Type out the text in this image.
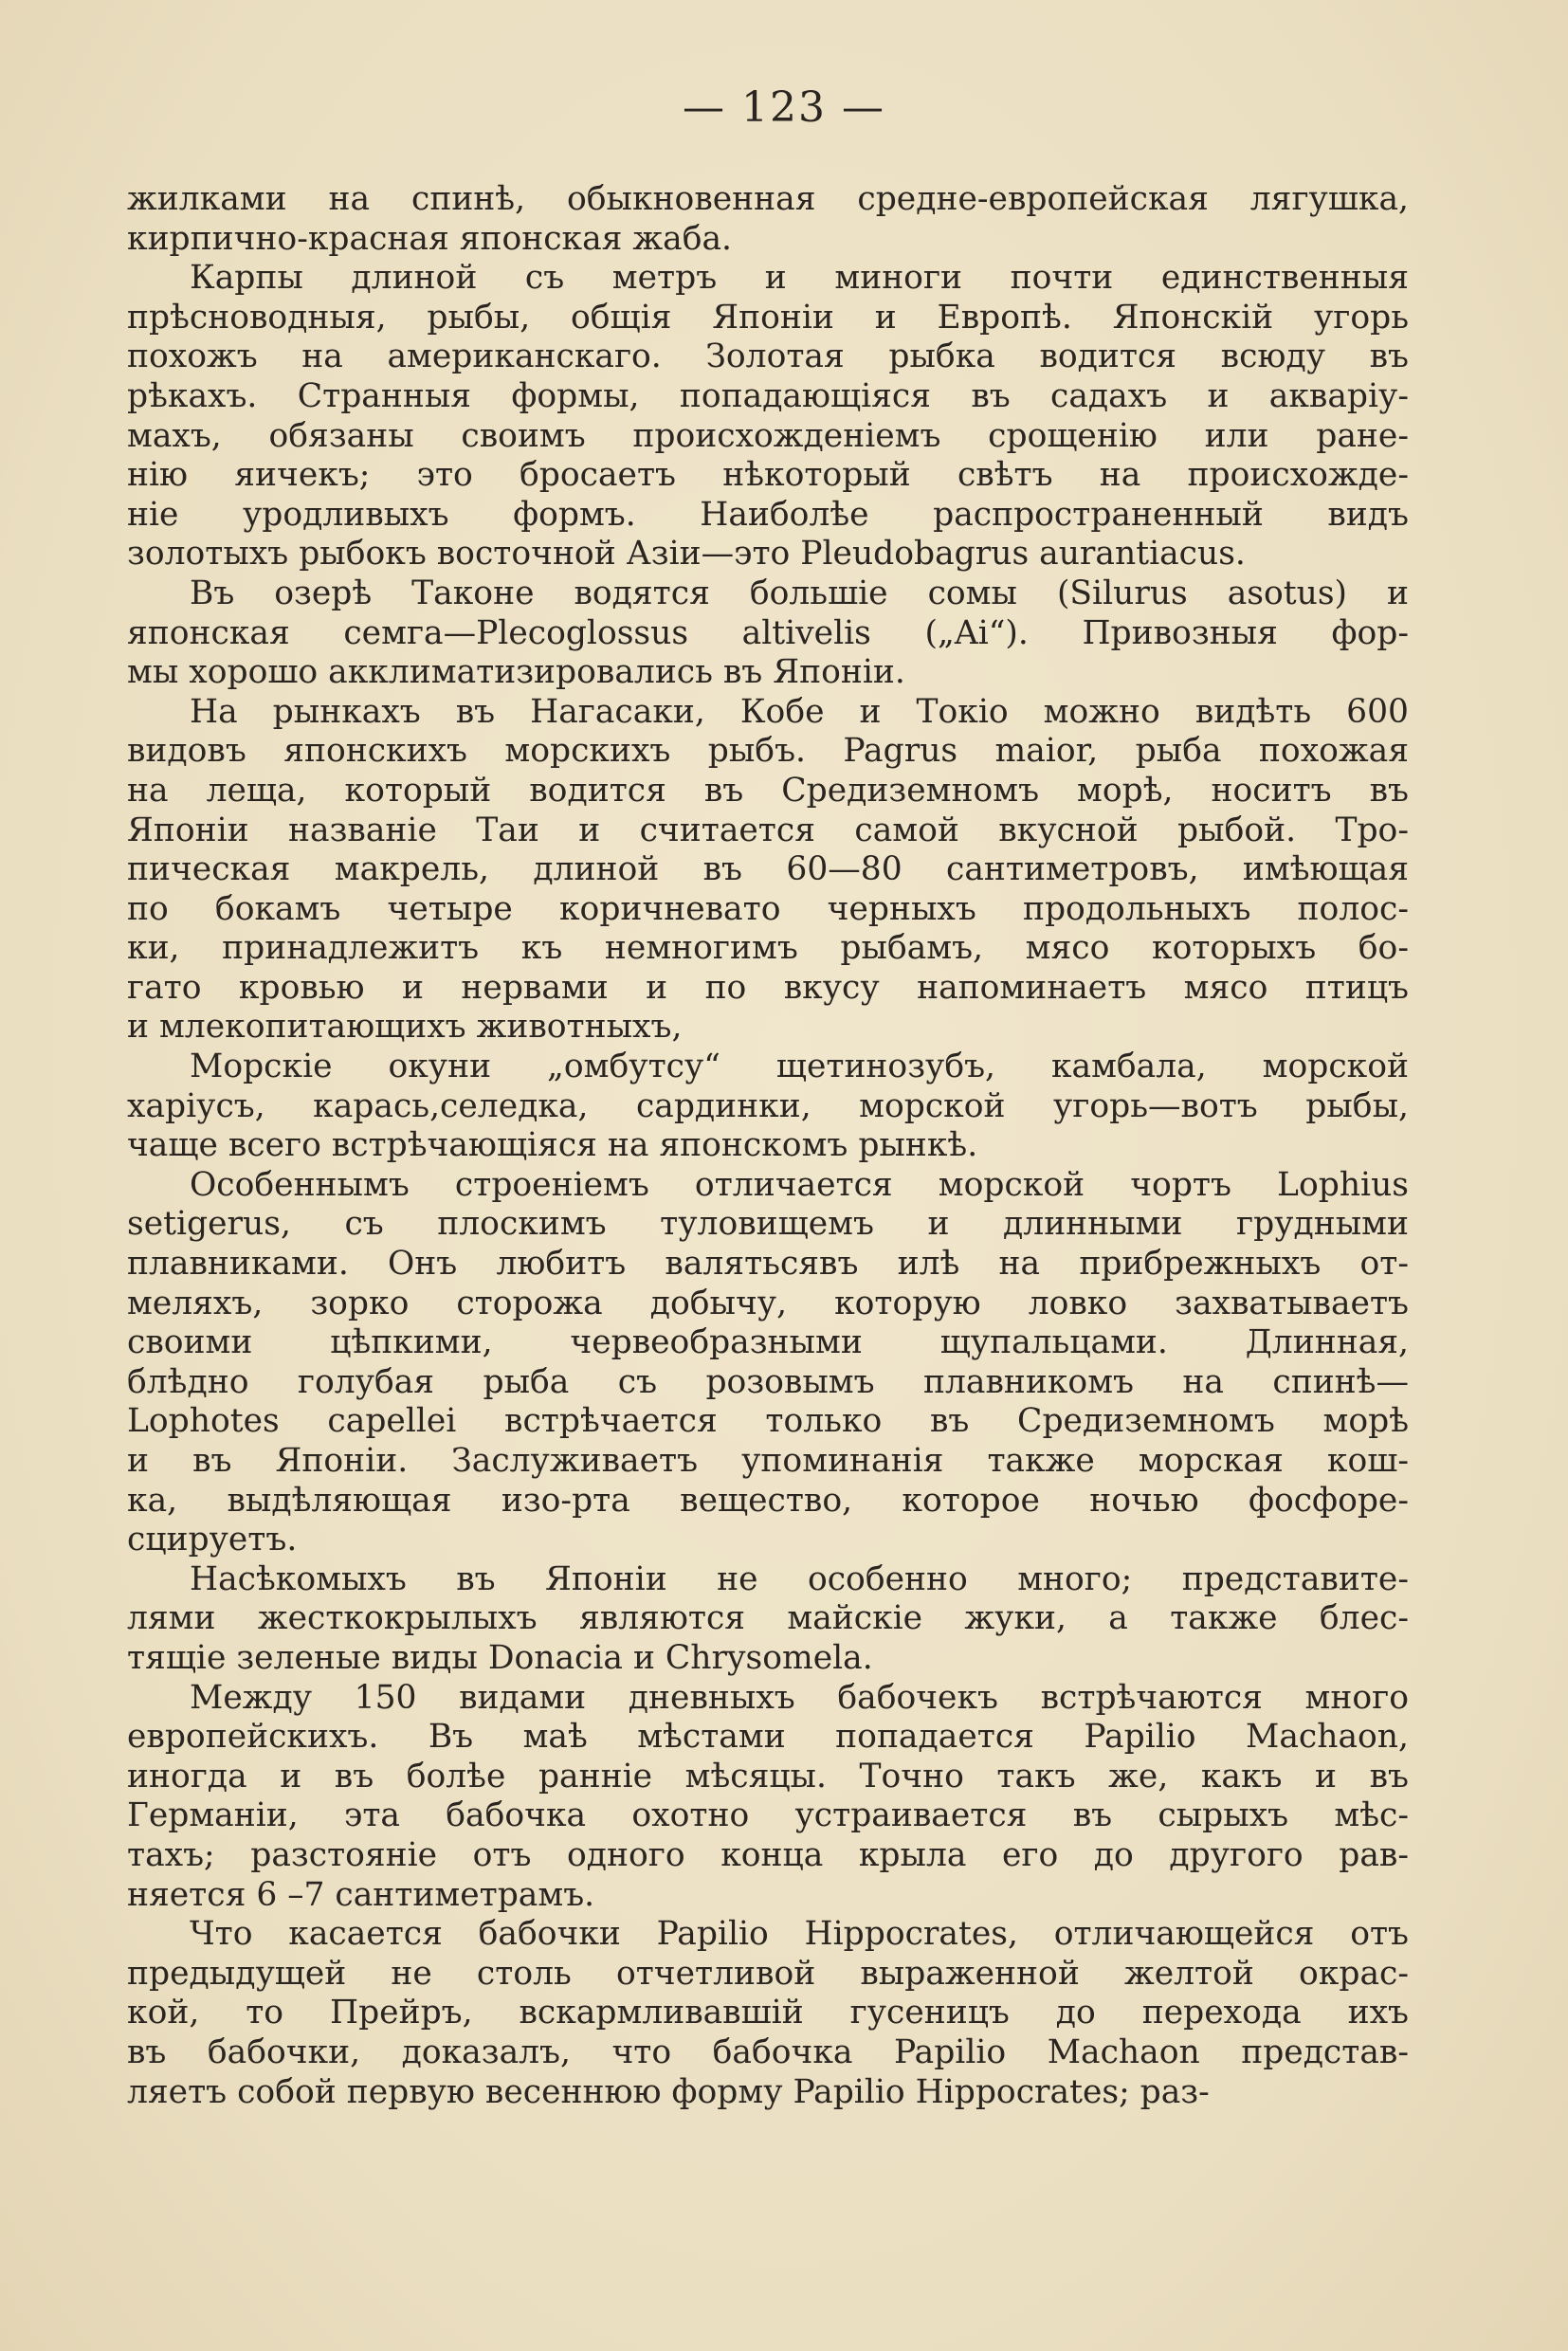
— 123 —
жилками на спинѣ, обыкновенная средне-европейская лягушка,
кирпично-красная японская жаба.
Карпы длиной съ метръ и миноги почти единственныя
прѣсноводныя, рыбы, общія Японіи и Европѣ. Японскій угорь
похожъ на американскаго. Золотая рыбка водится всюду въ
рѣкахъ. Странныя формы, попадающіяся въ садахъ и акваріу-
махъ, обязаны своимъ происхожденіемъ срощенію или ране-
нію яичекъ; это бросаетъ нѣкоторый свѣтъ на происхожде-
ніе уродливыхъ формъ. Наиболѣе распространенный видъ
золотыхъ рыбокъ восточной Азіи—это Pleudobagrus aurantiacus.
Въ озерѣ Таконе водятся большіе сомы (Silurus asotus) и
японская семга—Plecoglossus altivelis („Ai“). Привозныя фор-
мы хорошо акклиматизировались въ Японіи.
На рынкахъ въ Нагасаки, Кобе и Токіо можно видѣть 600
видовъ японскихъ морскихъ рыбъ. Pagrus maior, рыба похожая
на леща, который водится въ Средиземномъ морѣ, носитъ въ
Японіи названіе Таи и считается самой вкусной рыбой. Тро-
пическая макрель, длиной въ 60—80 сантиметровъ, имѣющая
по бокамъ четыре коричневато черныхъ продольныхъ полос-
ки, принадлежитъ къ немногимъ рыбамъ, мясо которыхъ бо-
гато кровью и нервами и по вкусу напоминаетъ мясо птицъ
и млекопитающихъ животныхъ,
Морскіе окуни „омбутсу“ щетинозубъ, камбала, морской
харіусъ, карась,селедка, сардинки, морской угорь—вотъ рыбы,
чаще всего встрѣчающіяся на японскомъ рынкѣ.
Особеннымъ строеніемъ отличается морской чортъ Lophius
setigerus, съ плоскимъ туловищемъ и длинными грудными
плавниками. Онъ любитъ валятьсявъ илѣ на прибрежныхъ от-
меляхъ, зорко сторожа добычу, которую ловко захватываетъ
своими цѣпкими, червеобразными щупальцами. Длинная,
блѣдно голубая рыба съ розовымъ плавникомъ на спинѣ—
Lophotes capellei встрѣчается только въ Средиземномъ морѣ
и въ Японіи. Заслуживаетъ упоминанія также морская кош-
ка, выдѣляющая изо-рта вещество, которое ночью фосфоре-
сцируетъ.
Насѣкомыхъ въ Японіи не особенно много; представите-
лями жесткокрылыхъ являются майскіе жуки, а также блес-
тящіе зеленые виды Donacia и Chrysomela.
Между 150 видами дневныхъ бабочекъ встрѣчаются много
европейскихъ. Въ маѣ мѣстами попадается Papilio Machaon,
иногда и въ болѣе ранніе мѣсяцы. Точно такъ же, какъ и въ
Германіи, эта бабочка охотно устраивается въ сырыхъ мѣс-
тахъ; разстояніе отъ одного конца крыла его до другого рав-
няется 6 –7 сантиметрамъ.
Что касается бабочки Papilio Hippocrates, отличающейся отъ
предыдущей не столь отчетливой выраженной желтой окрас-
кой, то Прейръ, вскармливавшій гусеницъ до перехода ихъ
въ бабочки, доказалъ, что бабочка Papilio Machaon представ-
ляетъ собой первую весеннюю форму Papilio Hippocrates; раз-
